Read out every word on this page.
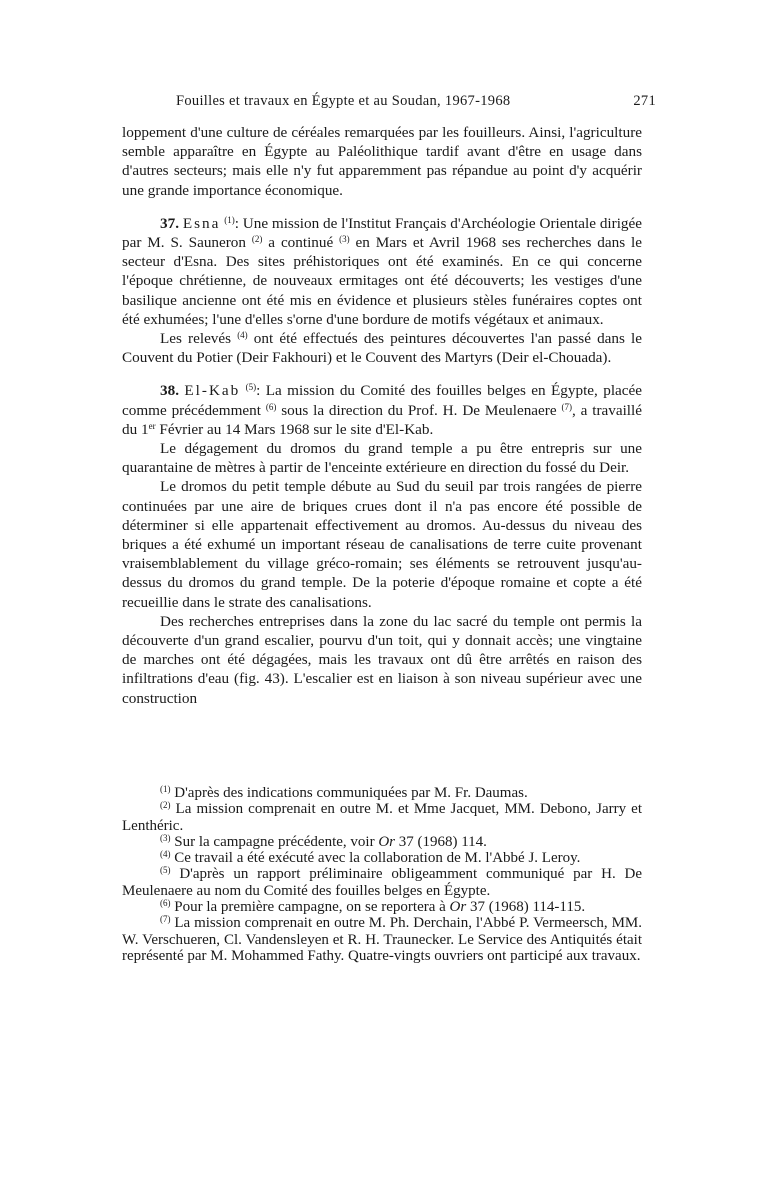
Fouilles et travaux en Égypte et au Soudan, 1967-1968	271

loppement d'une culture de céréales remarquées par les fouilleurs. Ainsi, l'agriculture semble apparaître en Égypte au Paléolithique tardif avant d'être en usage dans d'autres secteurs; mais elle n'y fut apparemment pas répandue au point d'y acquérir une grande importance économique.

37. Esna $^{(1)}$: Une mission de l'Institut Français d'Archéologie Orientale dirigée par M. S. Sauneron $^{(2)}$ a continué $^{(3)}$ en Mars et Avril 1968 ses recherches dans le secteur d'Esna. Des sites préhistoriques ont été examinés. En ce qui concerne l'époque chrétienne, de nouveaux ermitages ont été découverts; les vestiges d'une basilique ancienne ont été mis en évidence et plusieurs stèles funéraires coptes ont été exhumées; l'une d'elles s'orne d'une bordure de motifs végétaux et animaux.

Les relevés $^{(4)}$ ont été effectués des peintures découvertes l'an passé dans le Couvent du Potier (Deir Fakhouri) et le Couvent des Martyrs (Deir el-Chouada).

38. El-Kab $^{(5)}$: La mission du Comité des fouilles belges en Égypte, placée comme précédemment $^{(6)}$ sous la direction du Prof. H. De Meulenaere $^{(7)}$, a travaillé du 1er Février au 14 Mars 1968 sur le site d'El-Kab.

Le dégagement du dromos du grand temple a pu être entrepris sur une quarantaine de mètres à partir de l'enceinte extérieure en direction du fossé du Deir.

Le dromos du petit temple débute au Sud du seuil par trois rangées de pierre continuées par une aire de briques crues dont il n'a pas encore été possible de déterminer si elle appartenait effectivement au dromos. Au-dessus du niveau des briques a été exhumé un important réseau de canalisations de terre cuite provenant vraisemblablement du village gréco-romain; ses éléments se retrouvent jusqu'au-dessus du dromos du grand temple. De la poterie d'époque romaine et copte a été recueillie dans le strate des canalisations.

Des recherches entreprises dans la zone du lac sacré du temple ont permis la découverte d'un grand escalier, pourvu d'un toit, qui y donnait accès; une vingtaine de marches ont été dégagées, mais les travaux ont dû être arrêtés en raison des infiltrations d'eau (fig. 43). L'escalier est en liaison à son niveau supérieur avec une construction

$^{(1)}$ D'après des indications communiquées par M. Fr. Daumas.

$^{(2)}$ La mission comprenait en outre M. et Mme Jacquet, MM. Debono, Jarry et Lenthéric.

$^{(3)}$ Sur la campagne précédente, voir Or 37 (1968) 114.

$^{(4)}$ Ce travail a été exécuté avec la collaboration de M. l'Abbé J. Leroy.

$^{(5)}$ D'après un rapport préliminaire obligeamment communiqué par H. De Meulenaere au nom du Comité des fouilles belges en Égypte.

$^{(6)}$ Pour la première campagne, on se reportera à Or 37 (1968) 114-115.

$^{(7)}$ La mission comprenait en outre M. Ph. Derchain, l'Abbé P. Vermeersch, MM. W. Verschueren, Cl. Vandensleyen et R. H. Traunecker. Le Service des Antiquités était représenté par M. Mohammed Fathy. Quatre-vingts ouvriers ont participé aux travaux.
